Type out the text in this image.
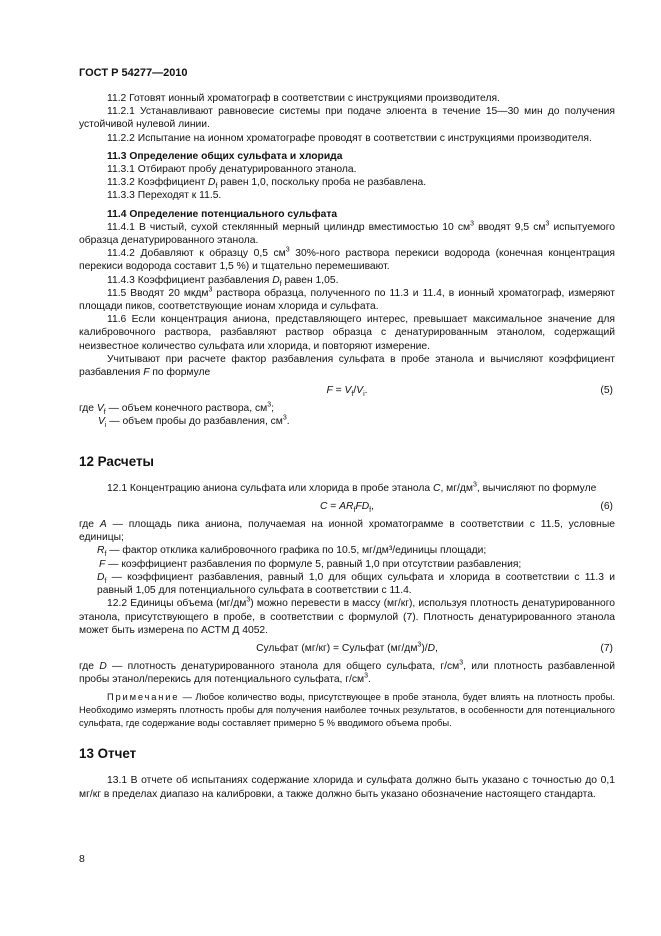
ГОСТ Р 54277—2010

11.2 Готовят ионный хроматограф в соответствии с инструкциями производителя.

11.2.1 Устанавливают равновесие системы при подаче элюента в течение 15—30 мин до получения устойчивой нулевой линии.

11.2.2 Испытание на ионном хроматографе проводят в соответствии с инструкциями производителя.

11.3 Определение общих сульфата и хлорида

11.3.1 Отбирают пробу денатурированного этанола.

11.3.2 Коэффициент $D_f$ равен 1,0, поскольку проба не разбавлена.

11.3.3 Переходят к 11.5.

11.4 Определение потенциального сульфата

11.4.1 В чистый, сухой стеклянный мерный цилиндр вместимостью 10 $см^3$ вводят 9,5 $см^3$ испытуемого образца денатурированного этанола.

11.4.2 Добавляют к образцу 0,5 $см^3$ 30%-ного раствора перекиси водорода (конечная концентрация перекиси водорода составит 1,5 %) и тщательно перемешивают.

11.4.3 Коэффициент разбавления $D_f$ равен 1,05.

11.5 Вводят 20 мкдм$^3$ раствора образца, полученного по 11.3 и 11.4, в ионный хроматограф, измеряют площади пиков, соответствующие ионам хлорида и сульфата.

11.6 Если концентрация аниона, представляющего интерес, превышает максимальное значение для калибровочного раствора, разбавляют раствор образца с денатурированным этанолом, содержащий неизвестное количество сульфата или хлорида, и повторяют измерение.

Учитывают при расчете фактор разбавления сульфата в пробе этанола и вычисляют коэффициент разбавления F по формуле

$F = V_f/V_i$.	(5)

где $V_f$ — объем конечного раствора, $см^3$;

$V_i$ — объем пробы до разбавления, $см^3$.

12 Расчеты

12.1 Концентрацию аниона сульфата или хлорида в пробе этанола C, $мг/дм^3$, вычисляют по формуле

$C = AR_fFD_f$,	(6)

где A — площадь пика аниона, получаемая на ионной хроматограмме в соответствии с 11.5, условные единицы;

$R_f$ — фактор отклика калибровочного графика по 10.5, мг/дм³/единицы площади;

F — коэффициент разбавления по формуле 5, равный 1,0 при отсутствии разбавления;

$D_f$ — коэффициент разбавления, равный 1,0 для общих сульфата и хлорида в соответствии с 11.3 и равный 1,05 для потенциального сульфата в соответствии с 11.4.

12.2 Единицы объема $(мг/дм^3)$ можно перевести в массу (мг/кг), используя плотность денатурированного этанола, присутствующего в пробе, в соответствии с формулой (7). Плотность денатурированного этанола может быть измерена по АСТМ Д 4052.

Сульфат (мг/кг) = Сульфат $(мг/дм^3)/D$,	(7)

где D — плотность денатурированного этанола для общего сульфата, $г/см^3$, или плотность разбавленной пробы этанол/перекись для потенциального сульфата, $г/см^3$.

Примечание — Любое количество воды, присутствующее в пробе этанола, будет влиять на плотность пробы. Необходимо измерять плотность пробы для получения наиболее точных результатов, в особенности для потенциального сульфата, где содержание воды составляет примерно 5 % вводимого объема пробы.

13 Отчет

13.1 В отчете об испытаниях содержание хлорида и сульфата должно быть указано с точностью до 0,1 мг/кг в пределах диапазо на калибровки, а также должно быть указано обозначение настоящего стандарта.

8
